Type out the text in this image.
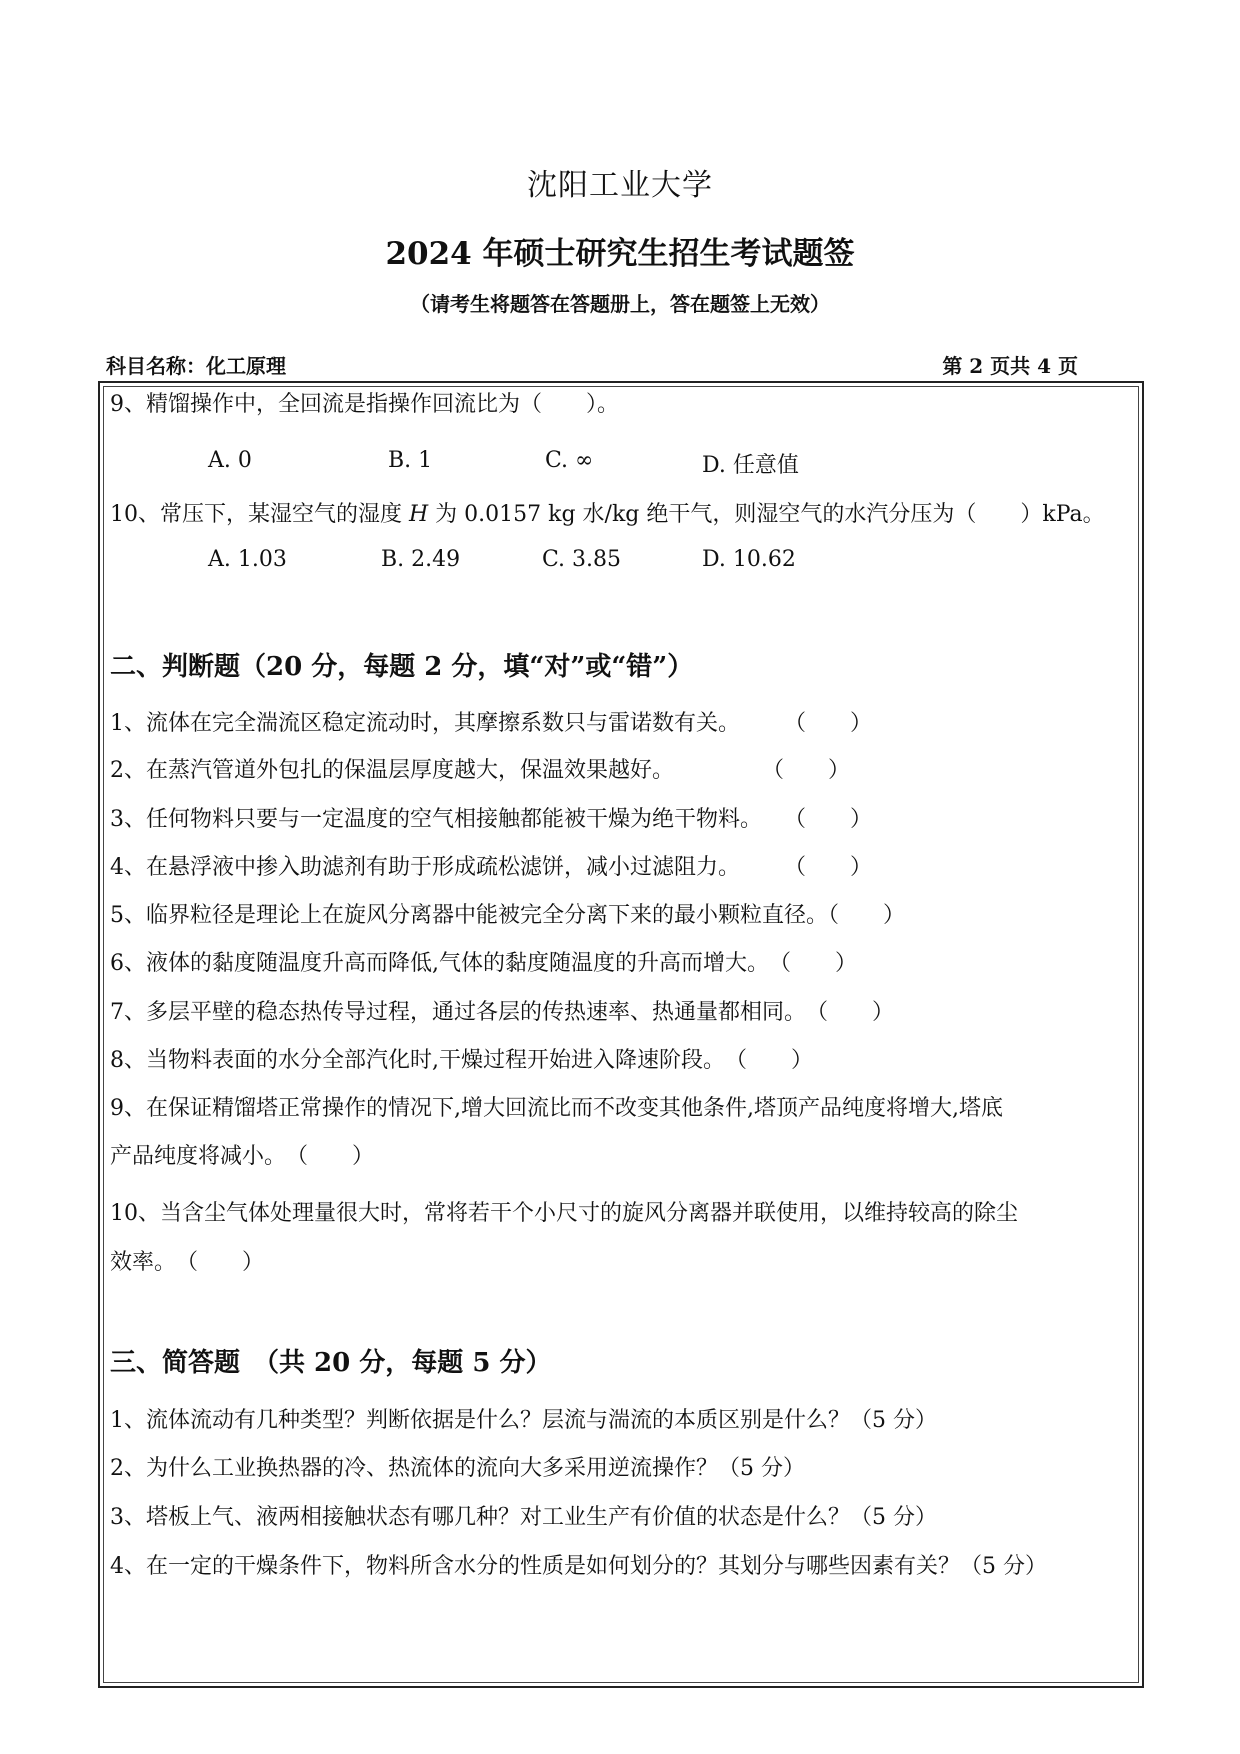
沈阳工业大学
2024 年硕士研究生招生考试题签
（请考生将题答在答题册上，答在题签上无效）
科目名称：化工原理	第 2 页共 4 页
9、精馏操作中，全回流是指操作回流比为（　　）。
A. 0	B. 1	C. ∞	D. 任意值
10、常压下，某湿空气的湿度 H 为 0.0157 kg 水/kg 绝干气，则湿空气的水汽分压为（　　）kPa。
A. 1.03	B. 2.49	C. 3.85	D. 10.62
二、判断题（20 分，每题 2 分，填“对”或“错”）
1、流体在完全湍流区稳定流动时，其摩擦系数只与雷诺数有关。　　　（　　）
2、在蒸汽管道外包扎的保温层厚度越大，保温效果越好。　　　　　（　　）
3、任何物料只要与一定温度的空气相接触都能被干燥为绝干物料。　　（　　）
4、在悬浮液中掺入助滤剂有助于形成疏松滤饼，减小过滤阻力。　　　（　　）
5、临界粒径是理论上在旋风分离器中能被完全分离下来的最小颗粒直径。（　　）
6、液体的黏度随温度升高而降低,气体的黏度随温度的升高而增大。　（　　）
7、多层平壁的稳态热传导过程，通过各层的传热速率、热通量都相同。　（　　）
8、当物料表面的水分全部汽化时,干燥过程开始进入降速阶段。　（　　）
9、在保证精馏塔正常操作的情况下,增大回流比而不改变其他条件,塔顶产品纯度将增大,塔底
产品纯度将减小。　（　　）
10、当含尘气体处理量很大时，常将若干个小尺寸的旋风分离器并联使用，以维持较高的除尘
效率。　（　　）
三、简答题　（共 20 分，每题 5 分）
1、流体流动有几种类型？判断依据是什么？层流与湍流的本质区别是什么？（5 分）
2、为什么工业换热器的冷、热流体的流向大多采用逆流操作？（5 分）
3、塔板上气、液两相接触状态有哪几种？对工业生产有价值的状态是什么？（5 分）
4、在一定的干燥条件下，物料所含水分的性质是如何划分的？其划分与哪些因素有关？（5 分）
